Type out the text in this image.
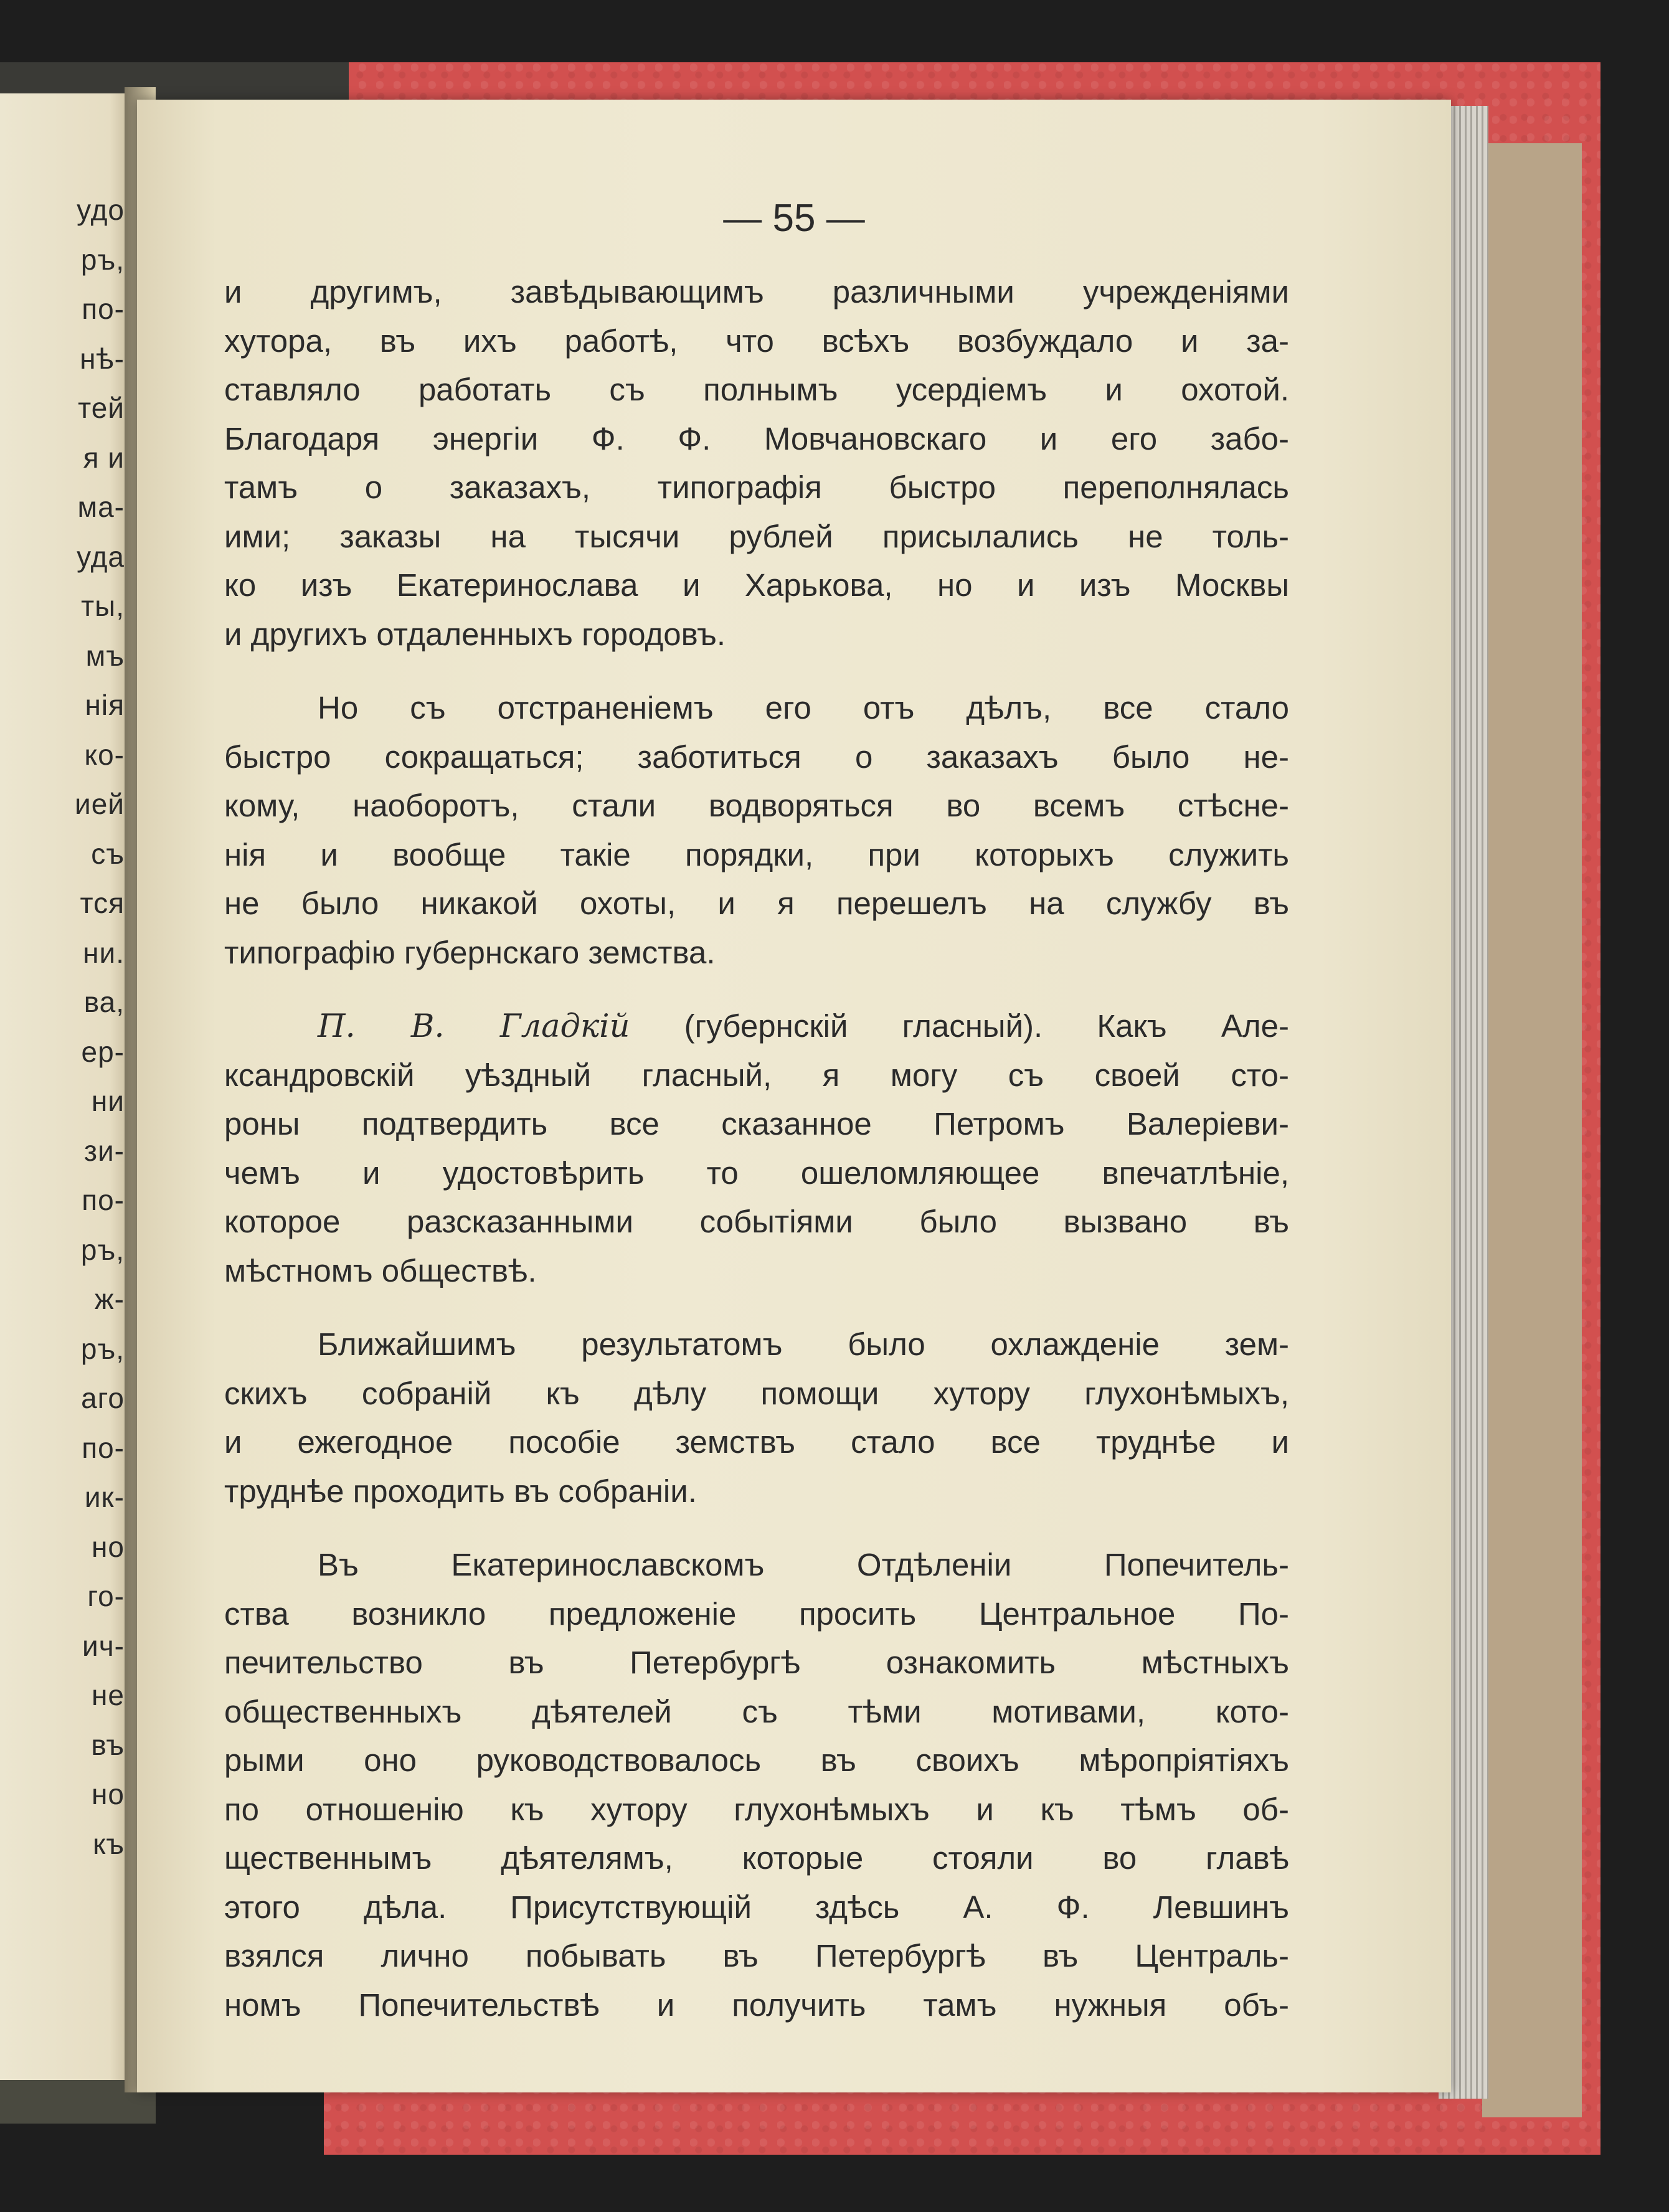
удо
ръ,
по-
нѣ-
тей
я и
ма-
уда
ты,
мъ
нія
ко-
ией
съ
тся
ни.
ва,
ер-
ни
зи-
по-
ръ,
ж-
ръ,
аго
по-
ик-
но
го-
ич-
не
въ
но
къ
— 55 —
и другимъ, завѣдывающимъ различными учрежденіями
хутора, въ ихъ работѣ, что всѣхъ возбуждало и за-
ставляло работать съ полнымъ усердіемъ и охотой.
Благодаря энергіи Ф. Ф. Мовчановскаго и его забо-
тамъ о заказахъ, типографія быстро переполнялась
ими; заказы на тысячи рублей присылались не толь-
ко изъ Екатеринослава и Харькова, но и изъ Москвы
и другихъ отдаленныхъ городовъ.
Но съ отстраненіемъ его отъ дѣлъ, все стало
быстро сокращаться; заботиться о заказахъ было не-
кому, наоборотъ, стали водворяться во всемъ стѣсне-
нія и вообще такіе порядки, при которыхъ служить
не было никакой охоты, и я перешелъ на службу въ
типографію губернскаго земства.
П. В. Гладкій (губернскій гласный). Какъ Але-
ксандровскій уѣздный гласный, я могу съ своей сто-
роны подтвердить все сказанное Петромъ Валеріеви-
чемъ и удостовѣрить то ошеломляющее впечатлѣніе,
которое разсказанными событіями было вызвано въ
мѣстномъ обществѣ.
Ближайшимъ результатомъ было охлажденіе зем-
скихъ собраній къ дѣлу помощи хутору глухонѣмыхъ,
и ежегодное пособіе земствъ стало все труднѣе и
труднѣе проходить въ собраніи.
Въ Екатеринославскомъ Отдѣленіи Попечитель-
ства возникло предложеніе просить Центральное По-
печительство въ Петербургѣ ознакомить мѣстныхъ
общественныхъ дѣятелей съ тѣми мотивами, кото-
рыми оно руководствовалось въ своихъ мѣропріятіяхъ
по отношенію къ хутору глухонѣмыхъ и къ тѣмъ об-
щественнымъ дѣятелямъ, которые стояли во главѣ
этого дѣла. Присутствующій здѣсь А. Ф. Левшинъ
взялся лично побывать въ Петербургѣ въ Централь-
номъ Попечительствѣ и получить тамъ нужныя объ-
